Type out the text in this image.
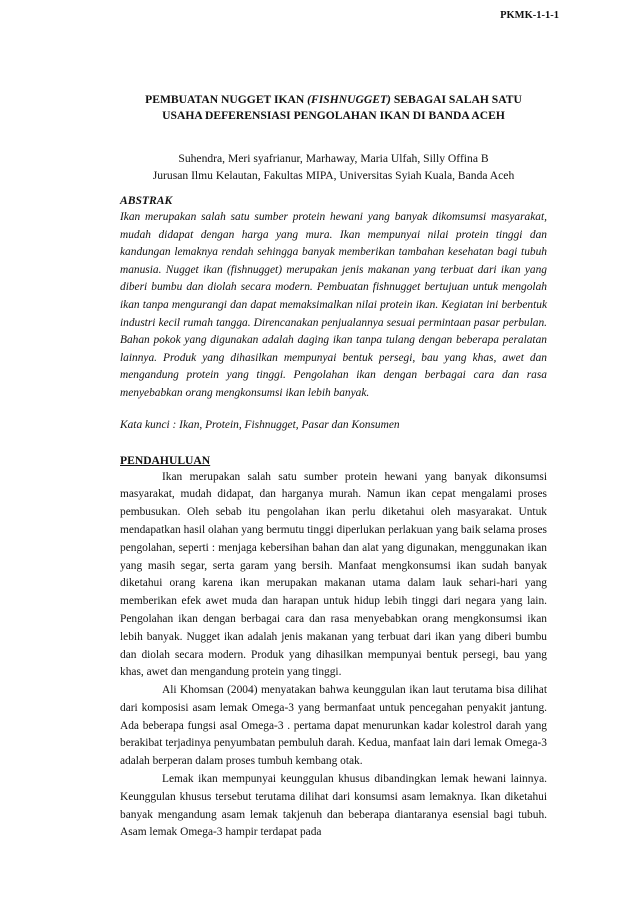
PKMK-1-1-1
PEMBUATAN NUGGET IKAN (FISHNUGGET) SEBAGAI SALAH SATU
USAHA DEFERENSIASI PENGOLAHAN IKAN DI BANDA ACEH
Suhendra, Meri syafrianur, Marhaway, Maria Ulfah, Silly Offina B
Jurusan Ilmu Kelautan, Fakultas MIPA, Universitas Syiah Kuala, Banda Aceh
ABSTRAK

Ikan merupakan salah satu sumber protein hewani yang banyak dikomsumsi masyarakat, mudah didapat dengan harga yang mura. Ikan mempunyai nilai protein tinggi dan kandungan lemaknya rendah sehingga banyak memberikan tambahan kesehatan bagi tubuh manusia. Nugget ikan (fishnugget) merupakan jenis makanan yang terbuat dari ikan yang diberi bumbu dan diolah secara modern. Pembuatan fishnugget bertujuan untuk mengolah ikan tanpa mengurangi dan dapat memaksimalkan nilai protein ikan. Kegiatan ini berbentuk industri kecil rumah tangga. Direncanakan penjualannya sesuai permintaan pasar perbulan. Bahan pokok yang digunakan adalah daging ikan tanpa tulang dengan beberapa peralatan lainnya. Produk yang dihasilkan mempunyai bentuk persegi, bau yang khas, awet dan mengandung protein yang tinggi. Pengolahan ikan dengan berbagai cara dan rasa menyebabkan orang mengkonsumsi ikan lebih banyak.

Kata kunci : Ikan, Protein, Fishnugget, Pasar dan Konsumen
PENDAHULUAN

Ikan merupakan salah satu sumber protein hewani yang banyak dikonsumsi masyarakat, mudah didapat, dan harganya murah. Namun ikan cepat mengalami proses pembusukan. Oleh sebab itu pengolahan ikan perlu diketahui oleh masyarakat. Untuk mendapatkan hasil olahan yang bermutu tinggi diperlukan perlakuan yang baik selama proses pengolahan, seperti : menjaga kebersihan bahan dan alat yang digunakan, menggunakan ikan yang masih segar, serta garam yang bersih. Manfaat mengkonsumsi ikan sudah banyak diketahui orang karena ikan merupakan makanan utama dalam lauk sehari-hari yang memberikan efek awet muda dan harapan untuk hidup lebih tinggi dari negara yang lain. Pengolahan ikan dengan berbagai cara dan rasa menyebabkan orang mengkonsumsi ikan lebih banyak. Nugget ikan adalah jenis makanan yang terbuat dari ikan yang diberi bumbu dan diolah secara modern. Produk yang dihasilkan mempunyai bentuk persegi, bau yang khas, awet dan mengandung protein yang tinggi.

Ali Khomsan (2004) menyatakan bahwa keunggulan ikan laut terutama bisa dilihat dari komposisi asam lemak Omega-3 yang bermanfaat untuk pencegahan penyakit jantung. Ada beberapa fungsi asal Omega-3 . pertama dapat menurunkan kadar kolestrol darah yang berakibat terjadinya penyumbatan pembuluh darah. Kedua, manfaat lain dari lemak Omega-3 adalah berperan dalam proses tumbuh kembang otak.

Lemak ikan mempunyai keunggulan khusus dibandingkan lemak hewani lainnya. Keunggulan khusus tersebut terutama dilihat dari konsumsi asam lemaknya. Ikan diketahui banyak mengandung asam lemak takjenuh dan beberapa diantaranya esensial bagi tubuh. Asam lemak Omega-3 hampir terdapat pada
